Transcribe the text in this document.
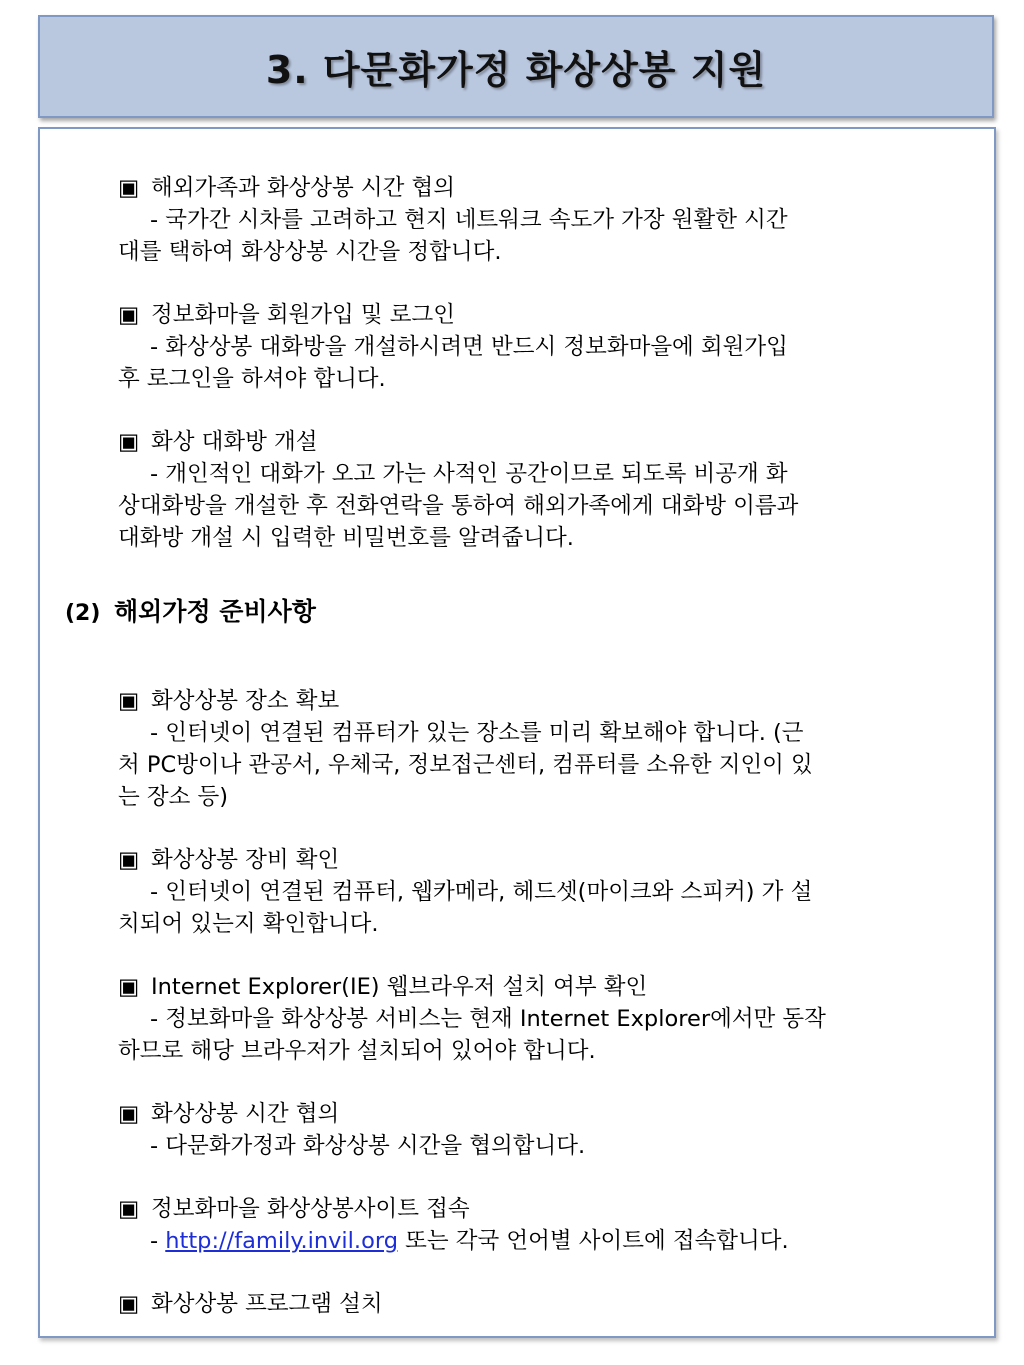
3. 다문화가정 화상상봉 지원
▣ 해외가족과 화상상봉 시간 협의
- 국가간 시차를 고려하고 현지 네트워크 속도가 가장 원활한 시간
대를 택하여 화상상봉 시간을 정합니다.
▣ 정보화마을 회원가입 및 로그인
- 화상상봉 대화방을 개설하시려면 반드시 정보화마을에 회원가입
후 로그인을 하셔야 합니다.
▣ 화상 대화방 개설
- 개인적인 대화가 오고 가는 사적인 공간이므로 되도록 비공개 화
상대화방을 개설한 후 전화연락을 통하여 해외가족에게 대화방 이름과
대화방 개설 시 입력한 비밀번호를 알려줍니다.
(2) 해외가정 준비사항
▣ 화상상봉 장소 확보
- 인터넷이 연결된 컴퓨터가 있는 장소를 미리 확보해야 합니다. (근
처 PC방이나 관공서, 우체국, 정보접근센터, 컴퓨터를 소유한 지인이 있
는 장소 등)
▣ 화상상봉 장비 확인
- 인터넷이 연결된 컴퓨터, 웹카메라, 헤드셋(마이크와 스피커) 가 설
치되어 있는지 확인합니다.
▣ Internet Explorer(IE) 웹브라우저 설치 여부 확인
- 정보화마을 화상상봉 서비스는 현재 Internet Explorer에서만 동작
하므로 해당 브라우저가 설치되어 있어야 합니다.
▣ 화상상봉 시간 협의
- 다문화가정과 화상상봉 시간을 협의합니다.
▣ 정보화마을 화상상봉사이트 접속
- http://family.invil.org 또는 각국 언어별 사이트에 접속합니다.
▣ 화상상봉 프로그램 설치
